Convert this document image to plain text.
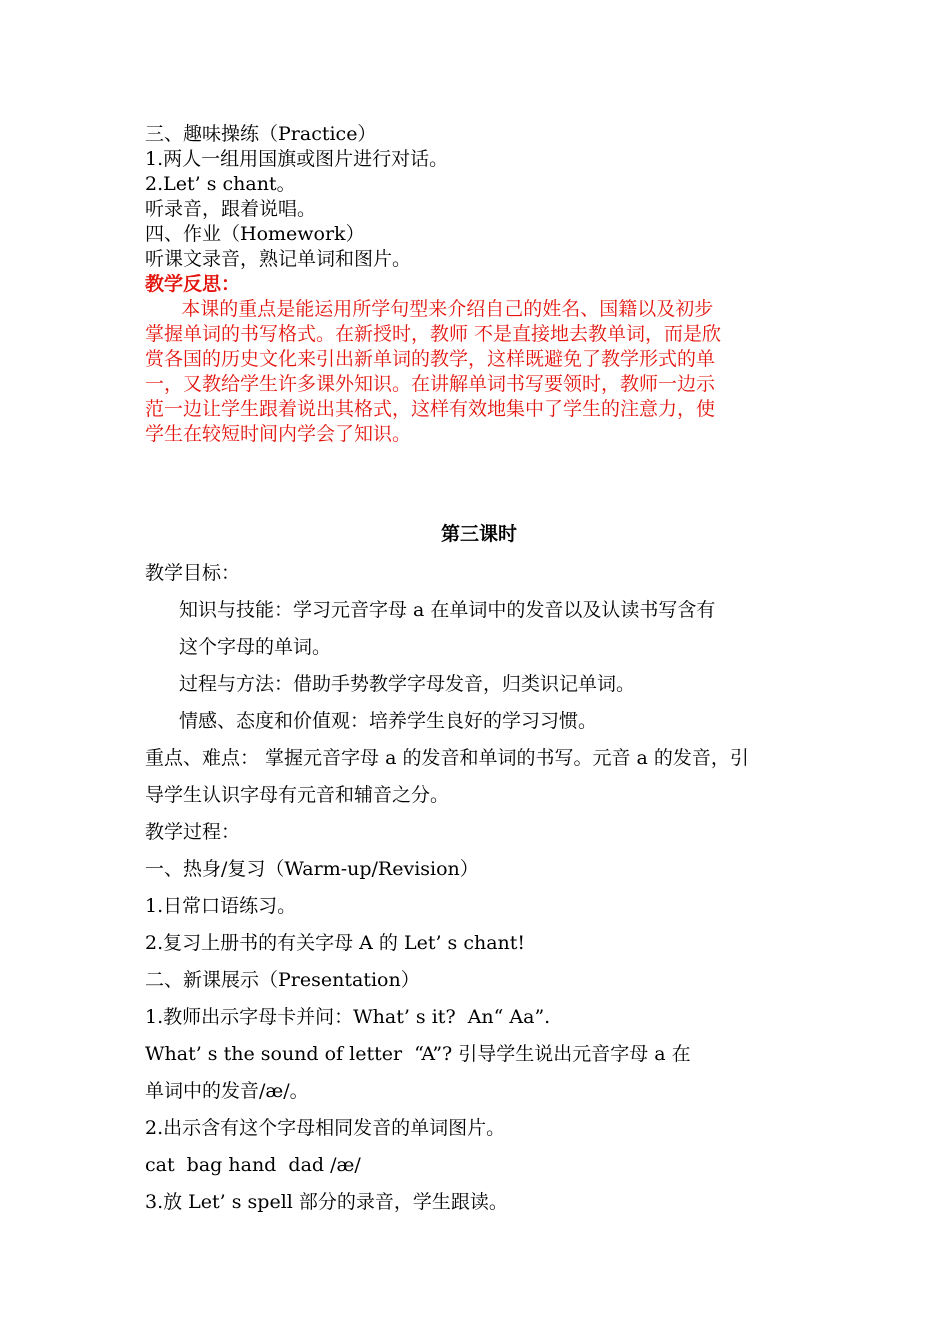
三、趣味操练（Practice）
1.两人一组用国旗或图片进行对话。
2.Let’ s chant。
听录音，跟着说唱。
四、作业（Homework）
听课文录音，熟记单词和图片。
教学反思：
本课的重点是能运用所学句型来介绍自己的姓名、国籍以及初步
掌握单词的书写格式。在新授时，教师 不是直接地去教单词，而是欣
赏各国的历史文化来引出新单词的教学，这样既避免了教学形式的单
一，又教给学生许多课外知识。在讲解单词书写要领时，教师一边示
范一边让学生跟着说出其格式，这样有效地集中了学生的注意力，使
学生在较短时间内学会了知识。
第三课时
教学目标：
知识与技能：学习元音字母 a 在单词中的发音以及认读书写含有
这个字母的单词。
过程与方法：借助手势教学字母发音，归类识记单词。
情感、态度和价值观：培养学生良好的学习习惯。
重点、难点： 掌握元音字母 a 的发音和单词的书写。元音 a 的发音，引
导学生认识字母有元音和辅音之分。
教学过程：
一、热身/复习（Warm-up/Revision）
1.日常口语练习。
2.复习上册书的有关字母 A 的 Let’ s chant!
二、新课展示（Presentation）
1.教师出示字母卡并问：What’ s it?  An“ Aa”.
What’ s the sound of letter  “A”? 引导学生说出元音字母 a 在
单词中的发音/æ/。
2.出示含有这个字母相同发音的单词图片。
cat  bag hand  dad /æ/
3.放 Let’ s spell 部分的录音，学生跟读。
